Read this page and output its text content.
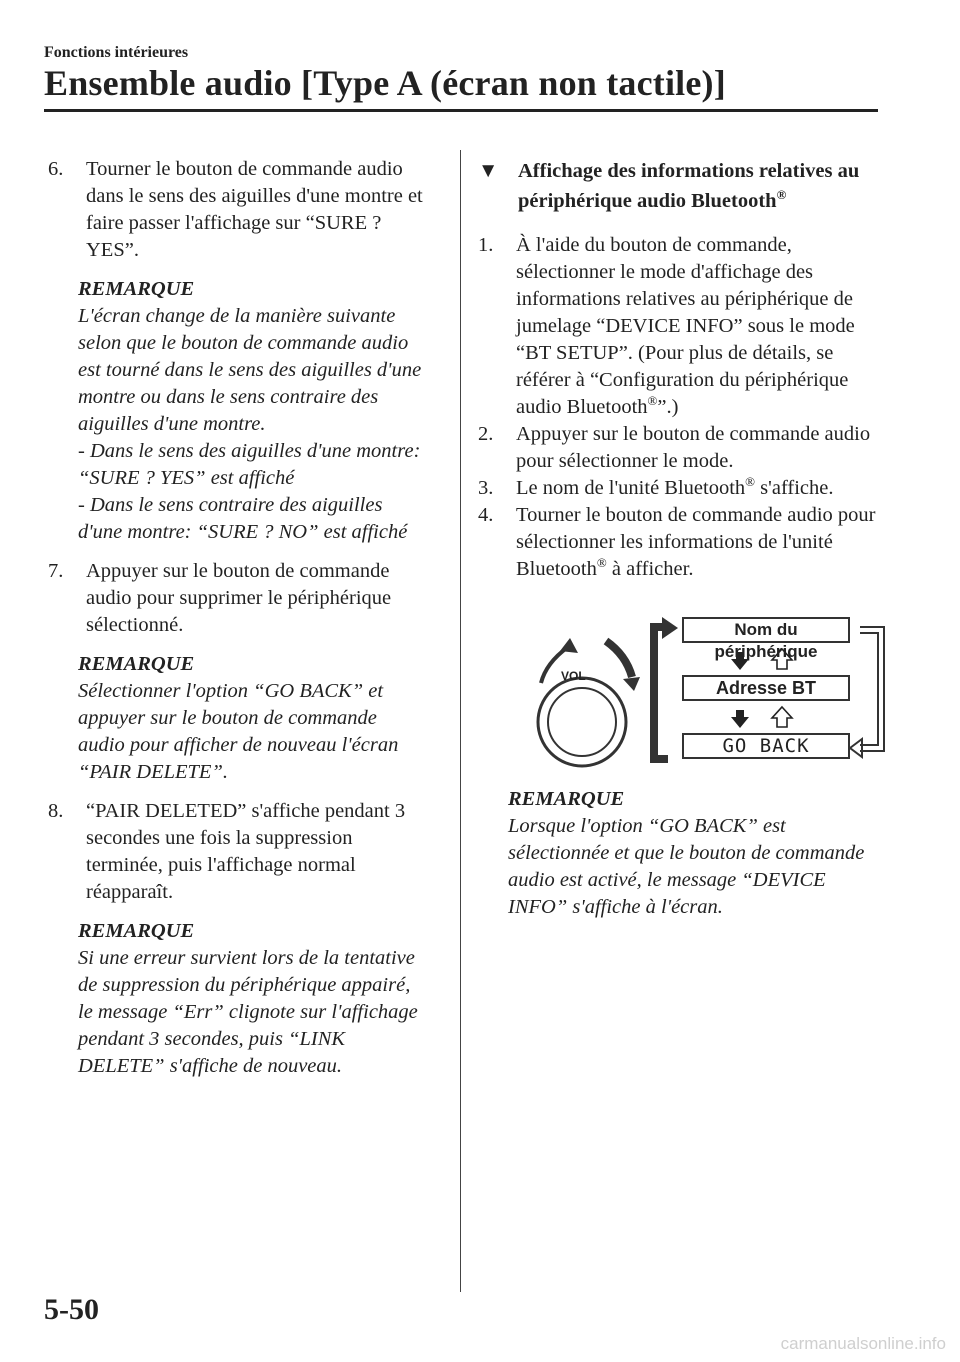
Fonctions intérieures
Ensemble audio [Type A (écran non tactile)]
6. Tourner le bouton de commande audio dans le sens des aiguilles d'une montre et faire passer l'affichage sur “SURE ? YES”.
REMARQUE
L'écran change de la manière suivante selon que le bouton de commande audio est tourné dans le sens des aiguilles d'une montre ou dans le sens contraire des aiguilles d'une montre.
- Dans le sens des aiguilles d'une montre: “SURE ? YES” est affiché
- Dans le sens contraire des aiguilles d'une montre: “SURE ? NO” est affiché
7. Appuyer sur le bouton de commande audio pour supprimer le périphérique sélectionné.
REMARQUE
Sélectionner l'option “GO BACK” et appuyer sur le bouton de commande audio pour afficher de nouveau l'écran “PAIR DELETE”.
8. “PAIR DELETED” s'affiche pendant 3 secondes une fois la suppression terminée, puis l'affichage normal réapparaît.
REMARQUE
Si une erreur survient lors de la tentative de suppression du périphérique appairé, le message “Err” clignote sur l'affichage pendant 3 secondes, puis “LINK DELETE” s'affiche de nouveau.
▼ Affichage des informations relatives au périphérique audio Bluetooth®
1. À l'aide du bouton de commande, sélectionner le mode d'affichage des informations relatives au périphérique de jumelage “DEVICE INFO” sous le mode “BT SETUP”. (Pour plus de détails, se référer à “Configuration du périphérique audio Bluetooth®”.)
2. Appuyer sur le bouton de commande audio pour sélectionner le mode.
3. Le nom de l'unité Bluetooth® s'affiche.
4. Tourner le bouton de commande audio pour sélectionner les informations de l'unité Bluetooth® à afficher.
VOL
Nom du périphérique
Adresse BT
GO BACK
REMARQUE
Lorsque l'option “GO BACK” est sélectionnée et que le bouton de commande audio est activé, le message “DEVICE INFO” s'affiche à l'écran.
5-50
carmanualsonline.info
